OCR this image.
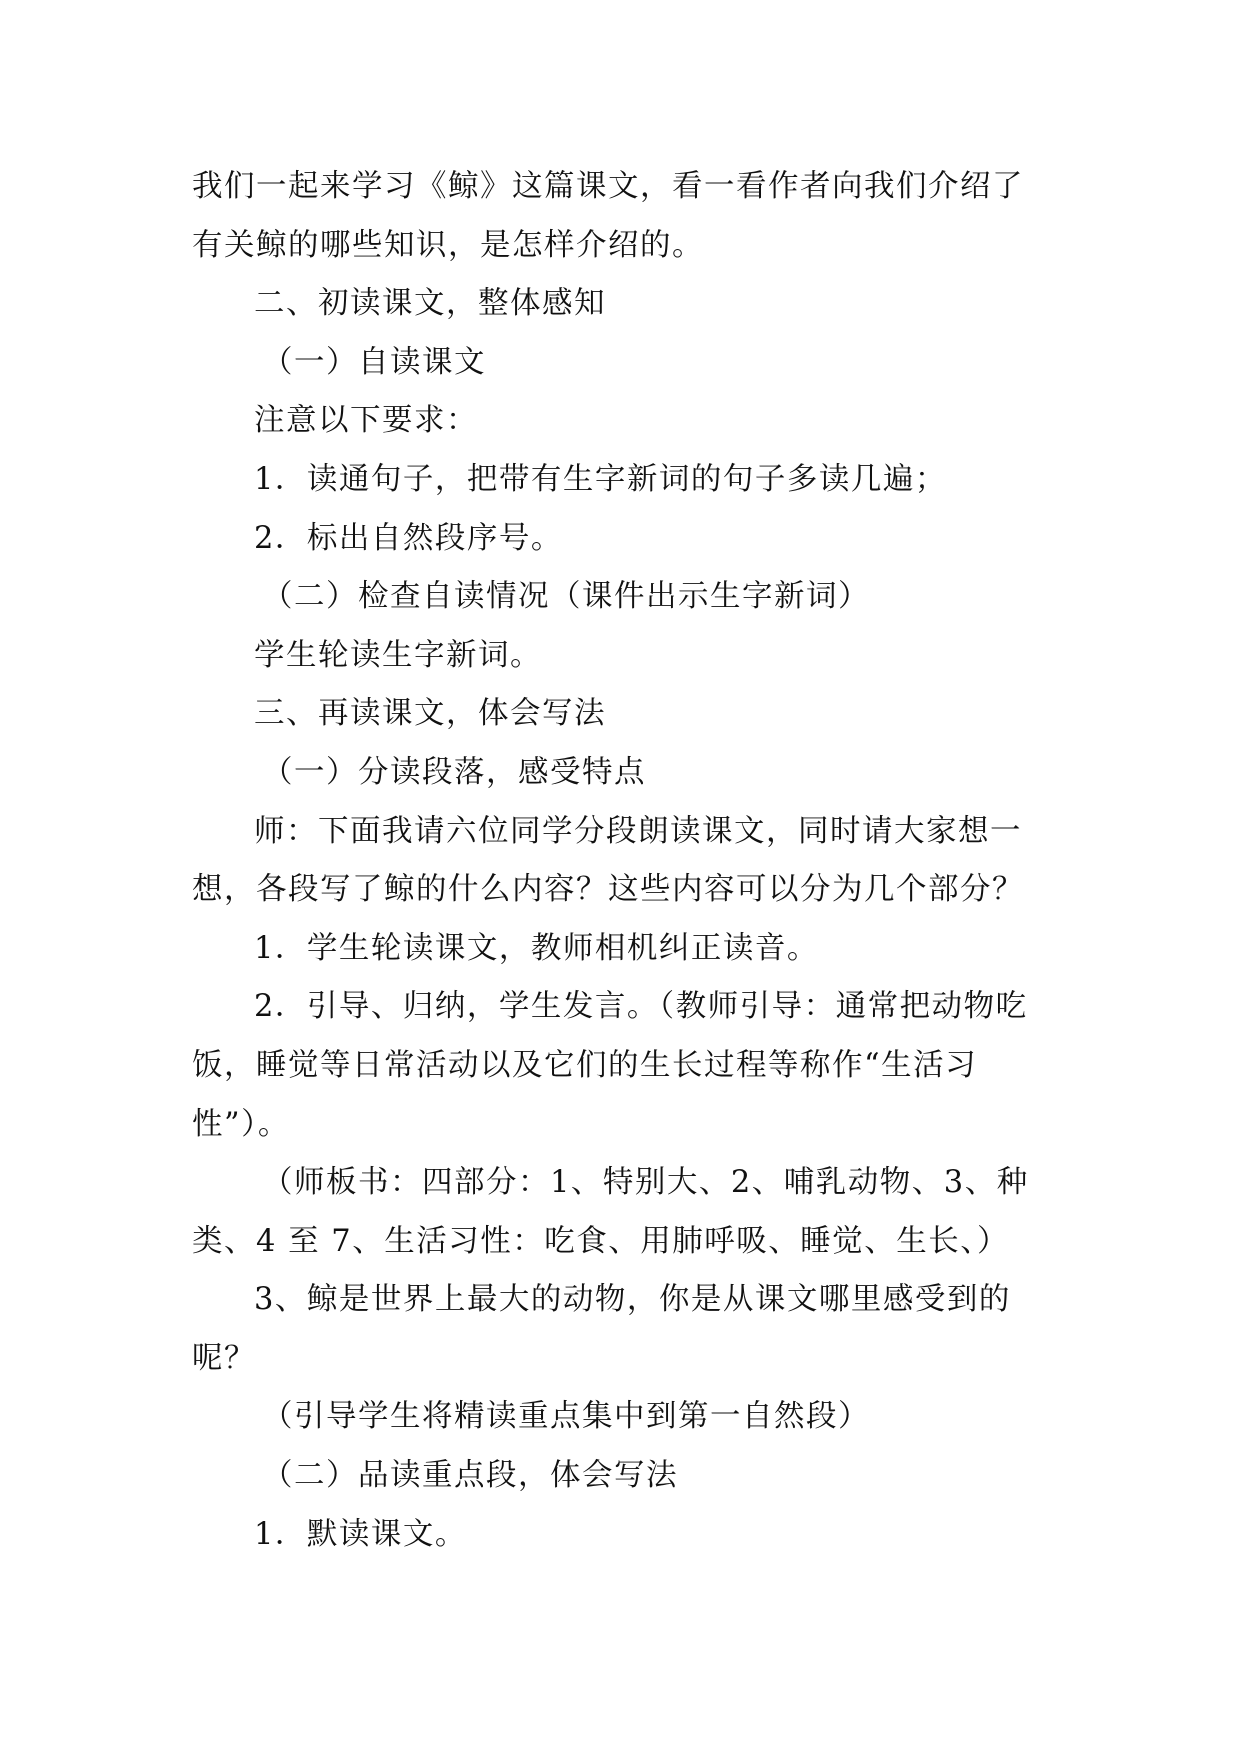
我们一起来学习《鲸》这篇课文，看一看作者向我们介绍了

有关鲸的哪些知识，是怎样介绍的。

二、初读课文，整体感知

（一）自读课文

注意以下要求：

1．读通句子，把带有生字新词的句子多读几遍；

2．标出自然段序号。

（二）检查自读情况（课件出示生字新词）

学生轮读生字新词。

三、再读课文，体会写法

（一）分读段落，感受特点

师：下面我请六位同学分段朗读课文，同时请大家想一

想，各段写了鲸的什么内容？这些内容可以分为几个部分？

1．学生轮读课文，教师相机纠正读音。

2．引导、归纳，学生发言。（教师引导：通常把动物吃

饭，睡觉等日常活动以及它们的生长过程等称作“生活习

性”）。

（师板书：四部分：1、特别大、2、哺乳动物、3、种

类、4 至 7、生活习性：吃食、用肺呼吸、睡觉、生长、）

3、鲸是世界上最大的动物，你是从课文哪里感受到的

呢？

（引导学生将精读重点集中到第一自然段）

（二）品读重点段，体会写法

1．默读课文。
